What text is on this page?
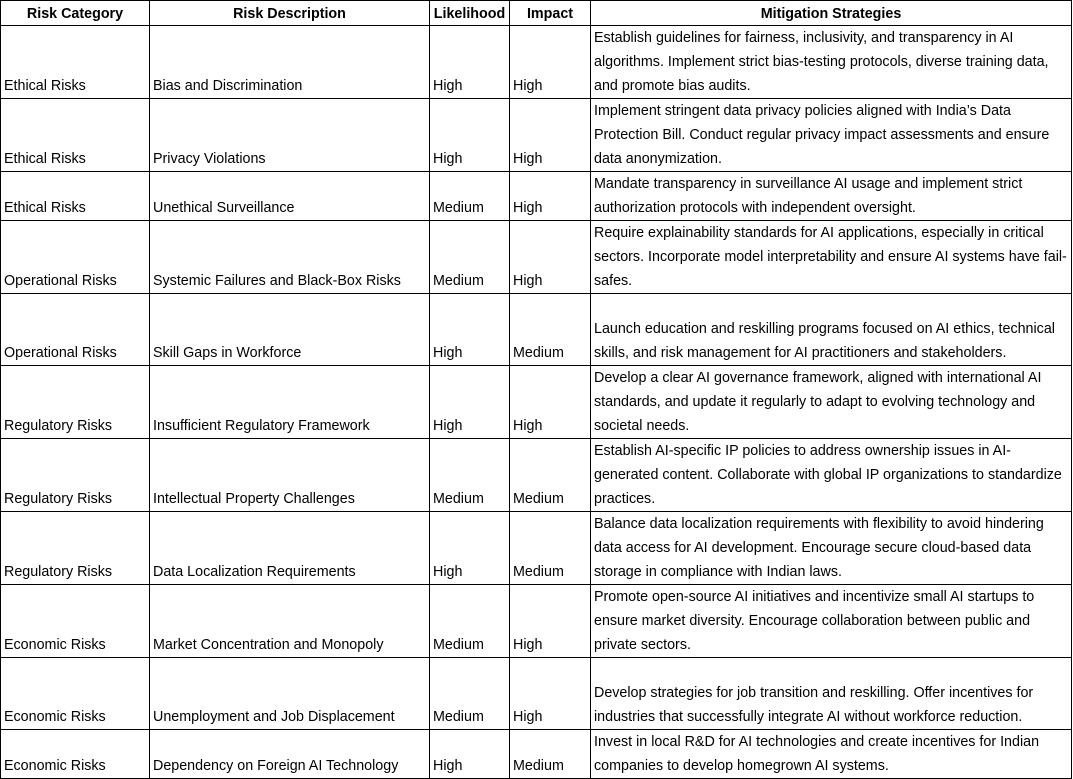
Risk Category	Risk Description	Likelihood	Impact	Mitigation Strategies
Ethical Risks	Bias and Discrimination	High	High	Establish guidelines for fairness, inclusivity, and transparency in AI algorithms. Implement strict bias-testing protocols, diverse training data, and promote bias audits.
Ethical Risks	Privacy Violations	High	High	Implement stringent data privacy policies aligned with India’s Data Protection Bill. Conduct regular privacy impact assessments and ensure data anonymization.
Ethical Risks	Unethical Surveillance	Medium	High	Mandate transparency in surveillance AI usage and implement strict authorization protocols with independent oversight.
Operational Risks	Systemic Failures and Black-Box Risks	Medium	High	Require explainability standards for AI applications, especially in critical sectors. Incorporate model interpretability and ensure AI systems have fail-safes.
Operational Risks	Skill Gaps in Workforce	High	Medium	Launch education and reskilling programs focused on AI ethics, technical skills, and risk management for AI practitioners and stakeholders.
Regulatory Risks	Insufficient Regulatory Framework	High	High	Develop a clear AI governance framework, aligned with international AI standards, and update it regularly to adapt to evolving technology and societal needs.
Regulatory Risks	Intellectual Property Challenges	Medium	Medium	Establish AI-specific IP policies to address ownership issues in AI-generated content. Collaborate with global IP organizations to standardize practices.
Regulatory Risks	Data Localization Requirements	High	Medium	Balance data localization requirements with flexibility to avoid hindering data access for AI development. Encourage secure cloud-based data storage in compliance with Indian laws.
Economic Risks	Market Concentration and Monopoly	Medium	High	Promote open-source AI initiatives and incentivize small AI startups to ensure market diversity. Encourage collaboration between public and private sectors.
Economic Risks	Unemployment and Job Displacement	Medium	High	Develop strategies for job transition and reskilling. Offer incentives for industries that successfully integrate AI without workforce reduction.
Economic Risks	Dependency on Foreign AI Technology	High	Medium	Invest in local R&D for AI technologies and create incentives for Indian companies to develop homegrown AI systems.
